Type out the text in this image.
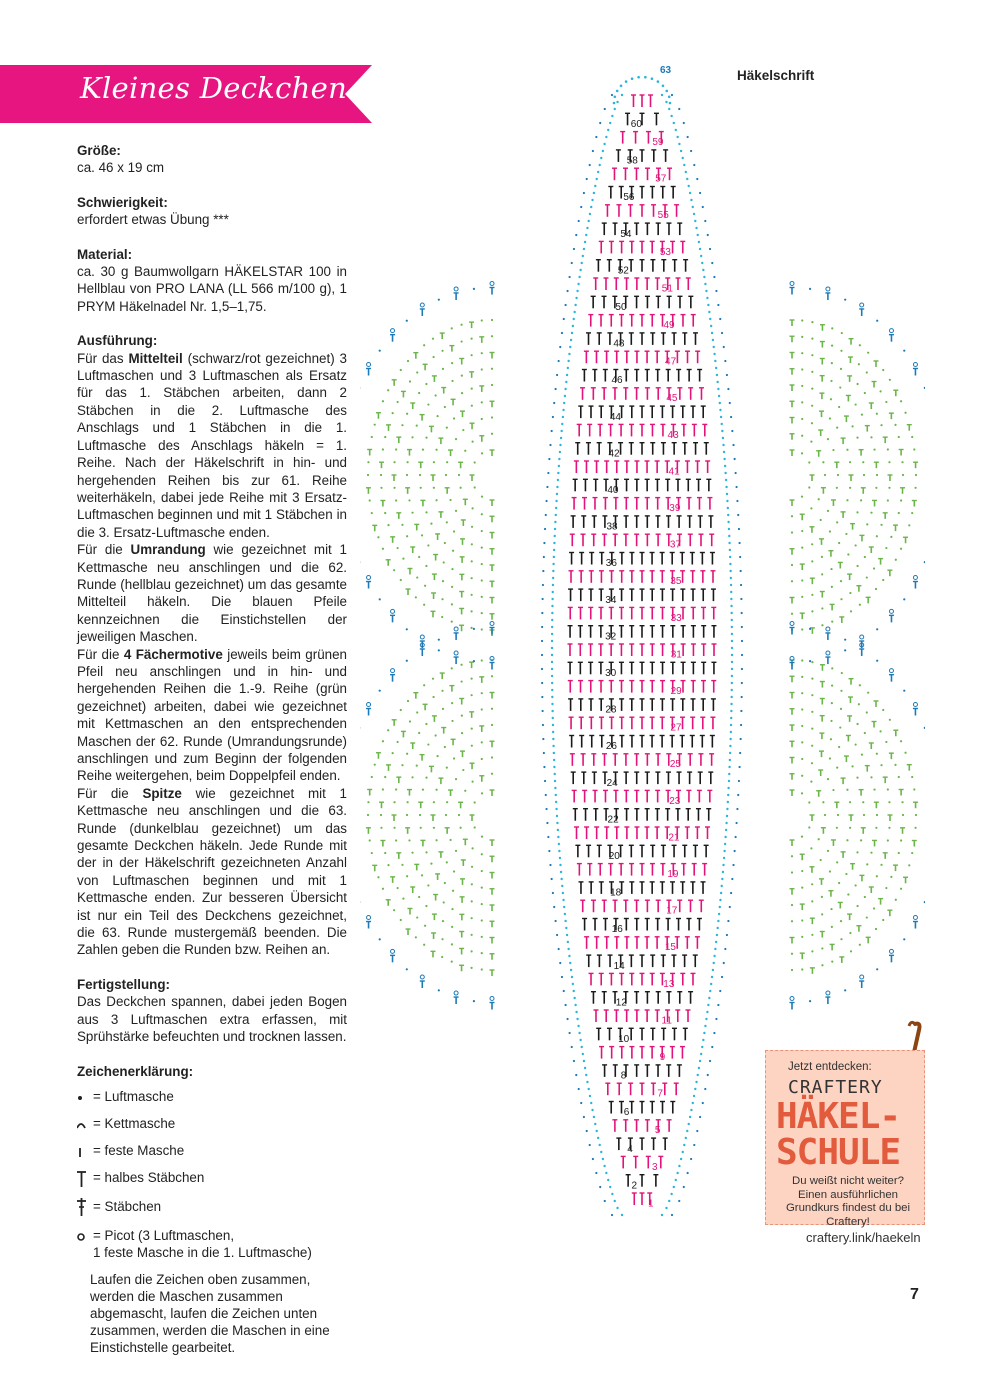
Kleines Deckchen	Häkelschrift
Größe:
ca. 46 x 19 cm
Schwierigkeit:
erfordert etwas Übung ***
Material:
ca. 30 g Baumwollgarn HÄKELSTAR 100 in Hellblau von PRO LANA (LL 566 m/100 g), 1 PRYM Häkelnadel Nr. 1,5–1,75.
Ausführung:
Für das Mittelteil (schwarz/rot gezeichnet) 3 Luftmaschen und 3 Luftmaschen als Ersatz für das 1. Stäbchen arbeiten, dann 2 Stäbchen in die 2. Luftmasche des Anschlags und 1 Stäbchen in die 1. Luftmasche des Anschlags häkeln = 1. Reihe. Nach der Häkelschrift in hin- und hergehenden Reihen bis zur 61. Reihe weiterhäkeln, dabei jede Reihe mit 3 Ersatz-Luftmaschen beginnen und mit 1 Stäbchen in die 3. Ersatz-Luftmasche enden.
Für die Umrandung wie gezeichnet mit 1 Kettmasche neu anschlingen und die 62. Runde (hellblau gezeichnet) um das gesamte Mittelteil häkeln. Die blauen Pfeile kennzeichnen die Einstichstellen der jeweiligen Maschen.
Für die 4 Fächermotive jeweils beim grünen Pfeil neu anschlingen und in hin- und hergehenden Reihen die 1.-9. Reihe (grün gezeichnet) arbeiten, dabei wie gezeichnet mit Kettmaschen an den entsprechenden Maschen der 62. Runde (Umrandungsrunde) anschlingen und zum Beginn der folgenden Reihe weitergehen, beim Doppelpfeil enden.
Für die Spitze wie gezeichnet mit 1 Kettmasche neu anschlingen und die 63. Runde (dunkelblau gezeichnet) um das gesamte Deckchen häkeln. Jede Runde mit der in der Häkelschrift gezeichneten Anzahl von Luftmaschen beginnen und mit 1 Kettmasche enden. Zur besseren Übersicht ist nur ein Teil des Deckchens gezeichnet, die 63. Runde mustergemäß beenden. Die Zahlen geben die Runden bzw. Reihen an.
Fertigstellung:
Das Deckchen spannen, dabei jeden Bogen aus 3 Luftmaschen extra erfassen, mit Sprühstärke befeuchten und trocknen lassen.
Zeichenerklärung:
= Luftmasche
= Kettmasche
= feste Masche
= halbes Stäbchen
= Stäbchen
= Picot (3 Luftmaschen,
1 feste Masche in die 1. Luftmasche)
Laufen die Zeichen oben zusammen, werden die Maschen zusammen abgemascht, laufen die Zeichen unten zusammen, werden die Maschen in eine Einstichstelle gearbeitet.
60
58
56
54
52
50
48
46
44
42
40
38
36
34
32
30
28
26
24
22
20
18
16
14
12
10
8
6
4
2
59
57
55
53
51
49
47
45
43
41
39
37
35
33
31
29
27
25
23
21
19
17
15
13
11
9
7
5
3
1
63
Jetzt entdecken:
CRAFTERY
HÄKEL-SCHULE
Du weißt nicht weiter? Einen ausführlichen Grundkurs findest du bei Craftery!
craftery.link/haekeln
7
